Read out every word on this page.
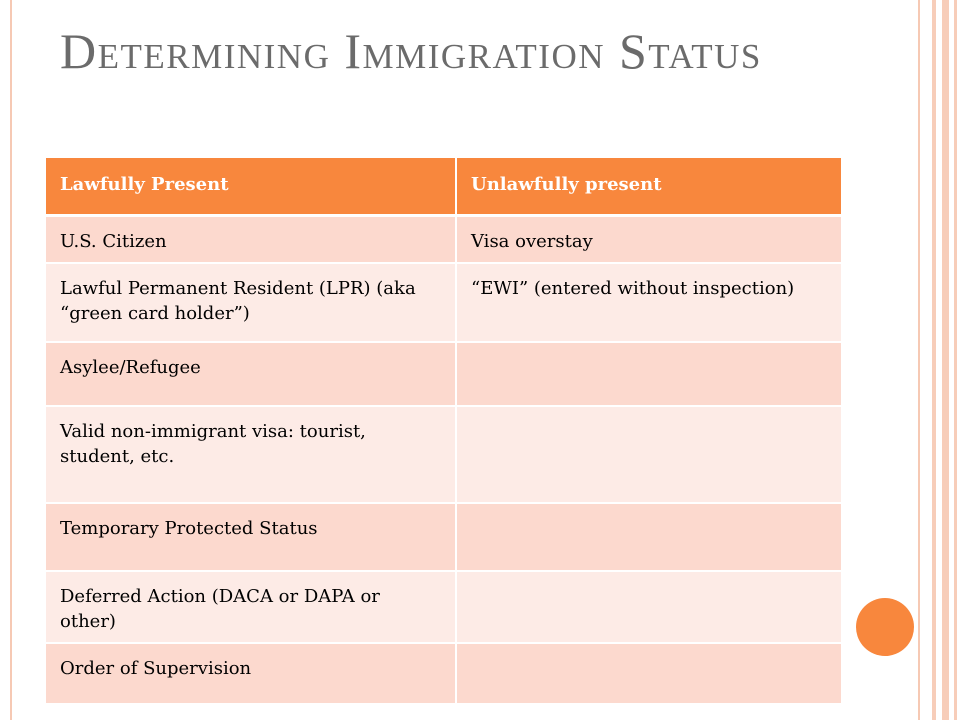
Determining Immigration Status
Lawfully Present	Unlawfully present
U.S. Citizen	Visa overstay
Lawful Permanent Resident (LPR) (aka “green card holder”)	“EWI” (entered without inspection)
Asylee/Refugee	
Valid non-immigrant visa: tourist, student, etc.	
Temporary Protected Status	
Deferred Action (DACA or DAPA or other)	
Order of Supervision	
